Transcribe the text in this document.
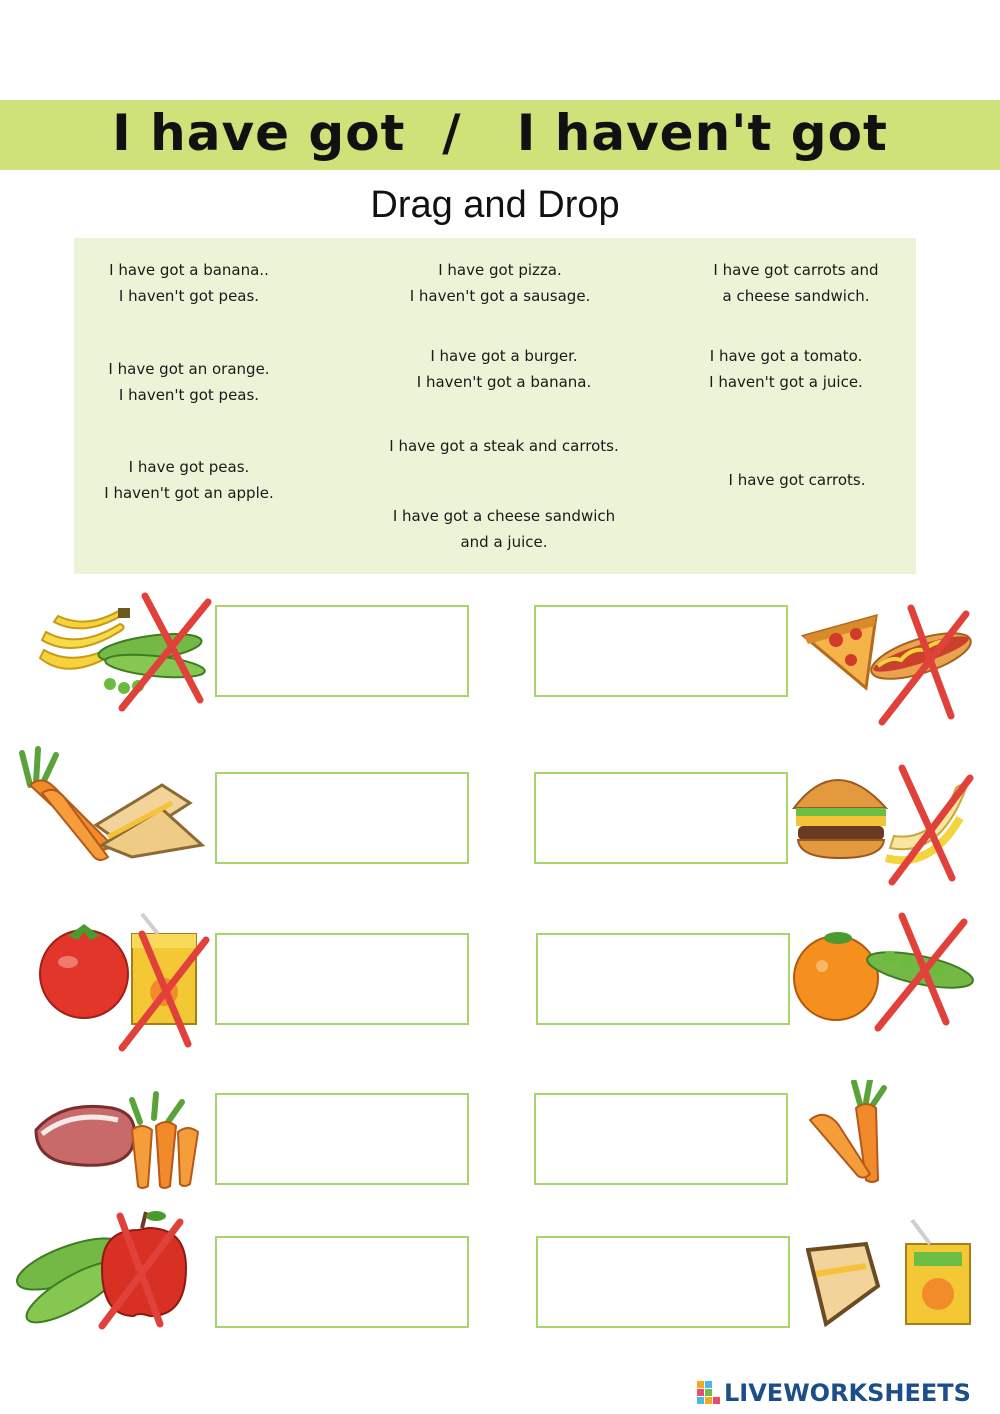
I have got  /   I haven't got
Drag and Drop
I have got a banana..
I haven't got peas.
I have got pizza.
I haven't got a sausage.
I have got carrots and
a cheese sandwich.
I have got an orange.
I haven't got peas.
I have got a burger.
I haven't got a banana.
I have got a tomato.
I haven't got a juice.
I have got a steak and carrots.
I have got peas.
I haven't got an apple.
I have got carrots.
I have got a cheese sandwich
and a juice.
LIVEWORKSHEETS
